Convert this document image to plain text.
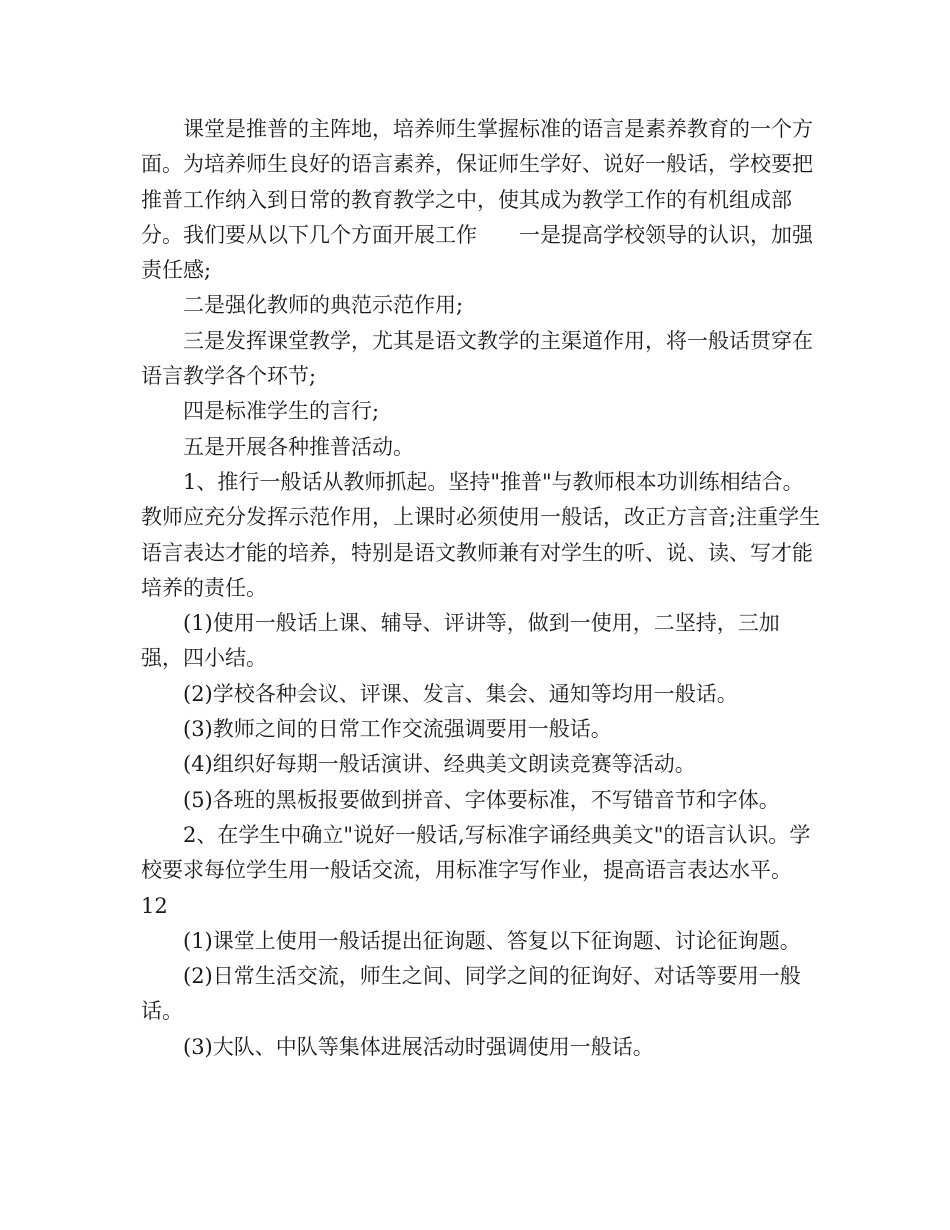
课堂是推普的主阵地，培养师生掌握标准的语言是素养教育的一个方面。为培养师生良好的语言素养，保证师生学好、说好一般话，学校要把推普工作纳入到日常的教育教学之中，使其成为教学工作的有机组成部分。我们要从以下几个方面开展工作　　一是提高学校领导的认识，加强责任感;

二是强化教师的典范示范作用;

三是发挥课堂教学，尤其是语文教学的主渠道作用，将一般话贯穿在语言教学各个环节;

四是标准学生的言行;

五是开展各种推普活动。

1、推行一般话从教师抓起。坚持"推普"与教师根本功训练相结合。教师应充分发挥示范作用，上课时必须使用一般话，改正方言音;注重学生语言表达才能的培养，特别是语文教师兼有对学生的听、说、读、写才能培养的责任。

(1)使用一般话上课、辅导、评讲等，做到一使用，二坚持，三加强，四小结。

(2)学校各种会议、评课、发言、集会、通知等均用一般话。

(3)教师之间的日常工作交流强调要用一般话。

(4)组织好每期一般话演讲、经典美文朗读竞赛等活动。

(5)各班的黑板报要做到拼音、字体要标准，不写错音节和字体。

2、在学生中确立"说好一般话,写标准字诵经典美文"的语言认识。学校要求每位学生用一般话交流，用标准字写作业，提高语言表达水平。

12

(1)课堂上使用一般话提出征询题、答复以下征询题、讨论征询题。

(2)日常生活交流，师生之间、同学之间的征询好、对话等要用一般话。

(3)大队、中队等集体进展活动时强调使用一般话。
